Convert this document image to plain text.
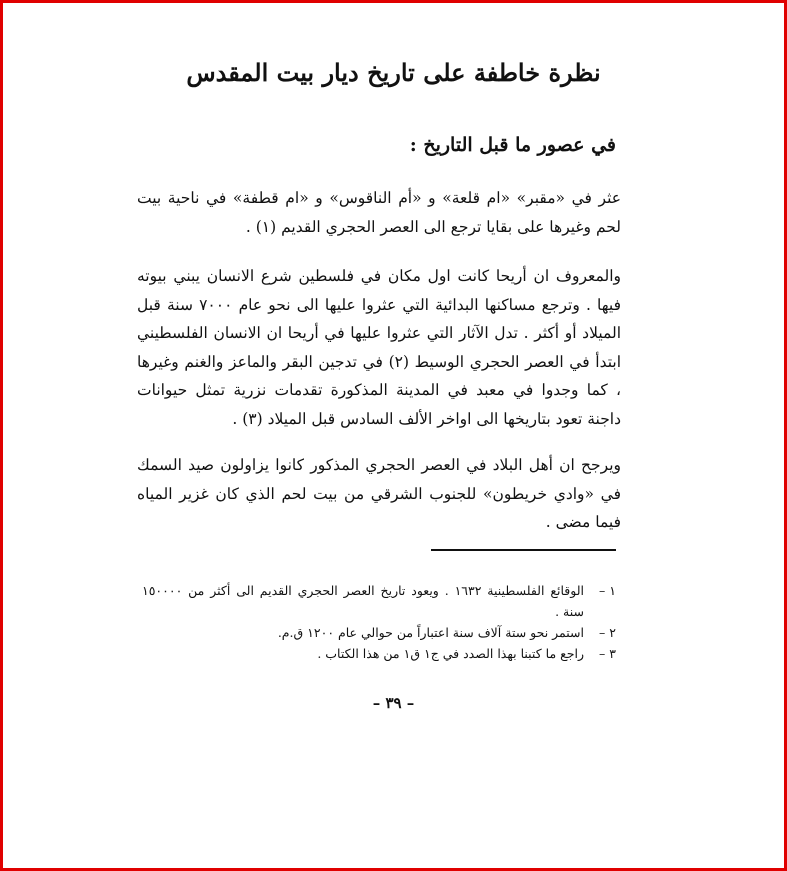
نظرة خاطفة على تاريخ ديار بيت المقدس
في عصور ما قبل التاريخ :

عثر في «مقبر» «ام قلعة» و «أم الناقوس» و «ام قطفة» في ناحية بيت لحم وغيرها على بقايا ترجع الى العصر الحجري القديم (١) .

والمعروف ان أريحا كانت اول مكان في فلسطين شرع الانسان يبني بيوته فيها . وترجع مساكنها البدائية التي عثروا عليها الى نحو عام ٧٠٠٠ سنة قبل الميلاد أو أكثر . تدل الآثار التي عثروا عليها في أريحا ان الانسان الفلسطيني ابتدأ في العصر الحجري الوسيط (٢) في تدجين البقر والماعز والغنم وغيرها ، كما وجدوا في معبد في المدينة المذكورة تقدمات نزرية تمثل حيوانات داجنة تعود بتاريخها الى اواخر الألف السادس قبل الميلاد (٣) .

ويرجح ان أهل البلاد في العصر الحجري المذكور كانوا يزاولون صيد السمك في «وادي خريطون» للجنوب الشرقي من بيت لحم الذي كان غزير المياه فيما مضى .

١ –
الوقائع الفلسطينية ١٦٣٢ . ويعود تاريخ العصر الحجري القديم الى أكثر من ١٥٠٠٠٠ سنة .
٢ –
استمر نحو ستة آلاف سنة اعتباراً من حوالي عام ١٢٠٠ ق.م.
٣ –
راجع ما كتبنا بهذا الصدد في ج١ ق١ من هذا الكتاب .
– ٣٩ –
